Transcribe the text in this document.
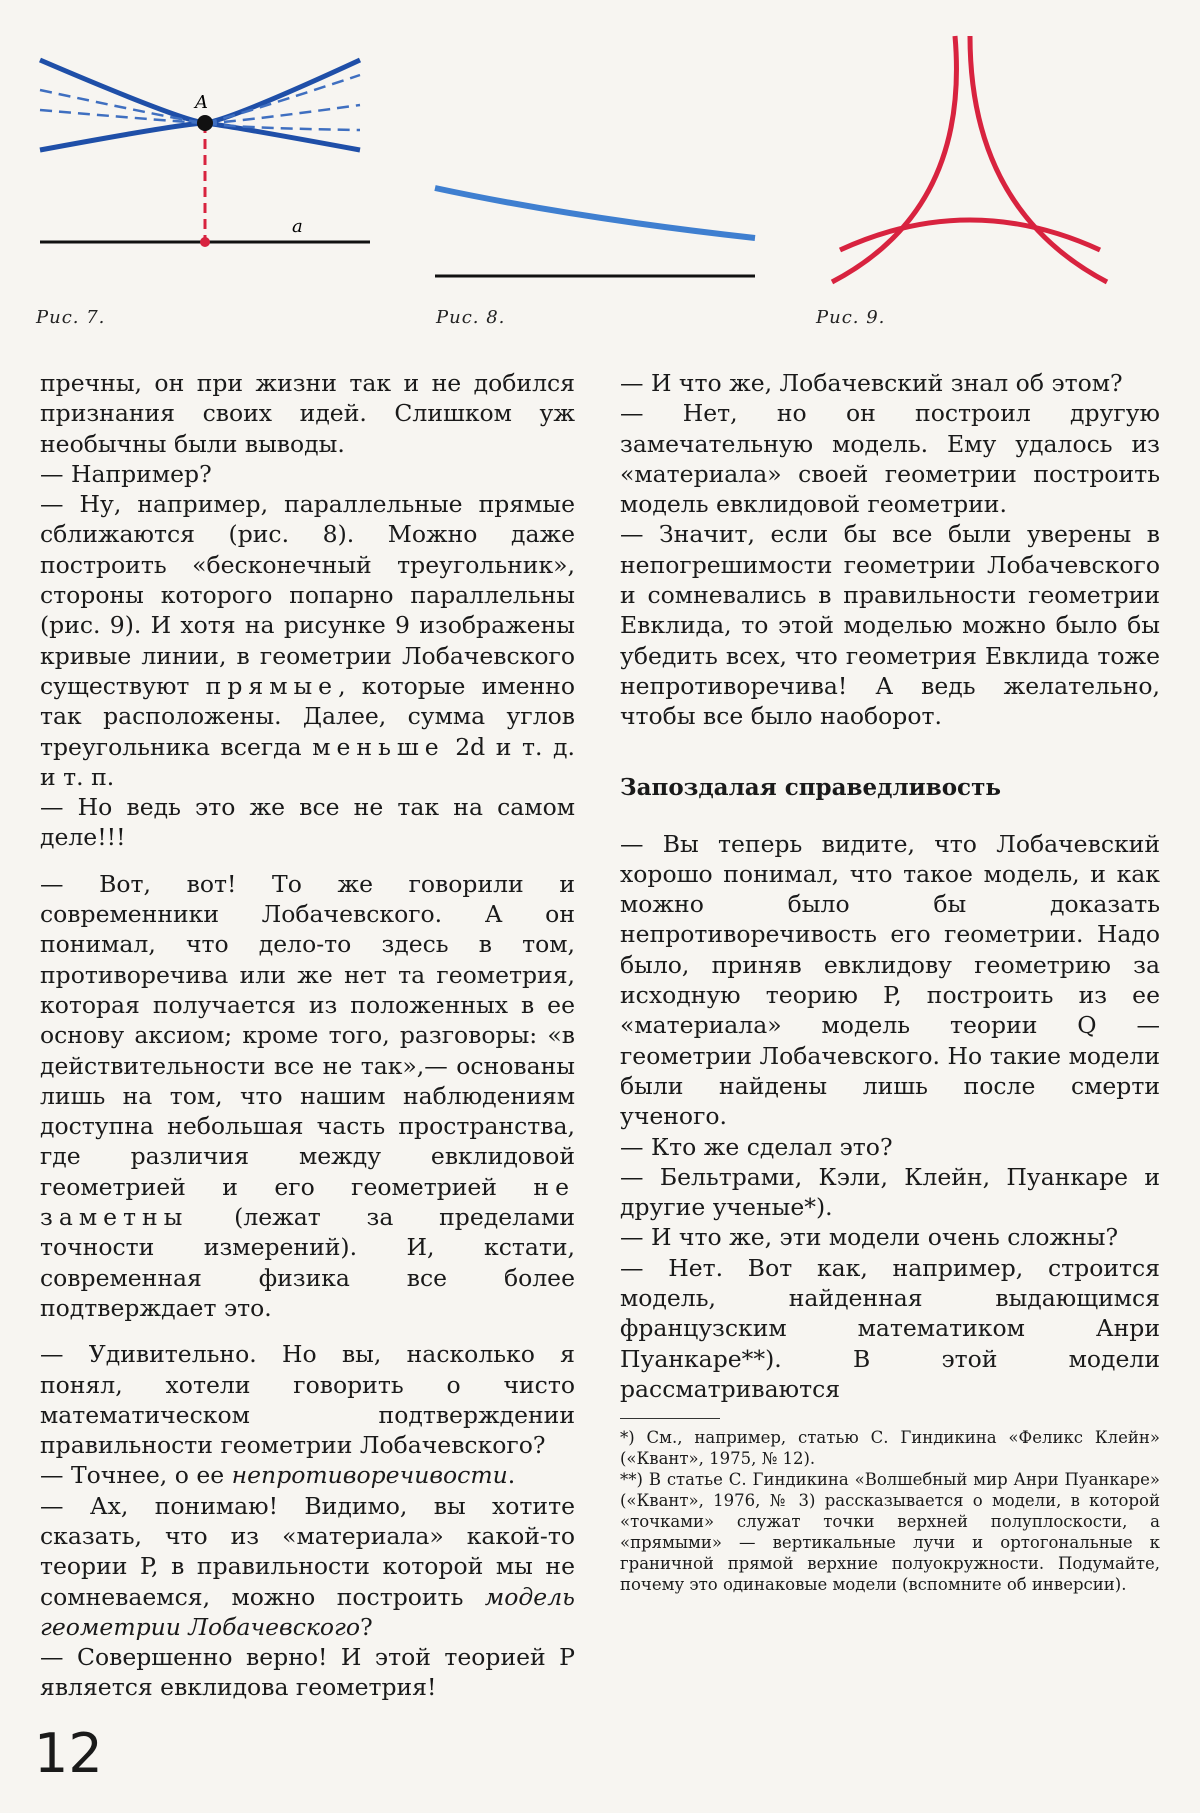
A
a
Рис. 7.	Рис. 8.	Рис. 9.

пречны, он при жизни так и не добился признания своих идей. Слишком уж необычны были выводы.

— Например?

— Ну, например, параллельные прямые сближаются (рис. 8). Можно даже построить «бесконечный треугольник», стороны которого попарно параллельны (рис. 9). И хотя на рисунке 9 изображены кривые линии, в геометрии Лобачевского существуют прямые, которые именно так расположены. Далее, сумма углов треугольника всегда меньше 2d и т. д. и т. п.

— Но ведь это же все не так на самом деле!!!

— Вот, вот! То же говорили и современники Лобачевского. А он понимал, что дело-то здесь в том, противоречива или же нет та геометрия, которая получается из положенных в ее основу аксиом; кроме того, разговоры: «в действительности все не так»,— основаны лишь на том, что нашим наблюдениям доступна небольшая часть пространства, где различия между евклидовой геометрией и его геометрией не заметны (лежат за пределами точности измерений). И, кстати, современная физика все более подтверждает это.

— Удивительно. Но вы, насколько я понял, хотели говорить о чисто математическом подтверждении правильности геометрии Лобачевского?

— Точнее, о ее непротиворечивости.

— Ах, понимаю! Видимо, вы хотите сказать, что из «материала» какой-то теории P, в правильности которой мы не сомневаемся, можно построить модель геометрии Лобачевского?

— Совершенно верно! И этой теорией P является евклидова геометрия!

— И что же, Лобачевский знал об этом?

— Нет, но он построил другую замечательную модель. Ему удалось из «материала» своей геометрии построить модель евклидовой геометрии.

— Значит, если бы все были уверены в непогрешимости геометрии Лобачевского и сомневались в правильности геометрии Евклида, то этой моделью можно было бы убедить всех, что геометрия Евклида тоже непротиворечива! А ведь желательно, чтобы все было наоборот.

Запоздалая справедливость

— Вы теперь видите, что Лобачевский хорошо понимал, что такое модель, и как можно было бы доказать непротиворечивость его геометрии. Надо было, приняв евклидову геометрию за исходную теорию P, построить из ее «материала» модель теории Q — геометрии Лобачевского. Но такие модели были найдены лишь после смерти ученого.

— Кто же сделал это?

— Бельтрами, Кэли, Клейн, Пуанкаре и другие ученые*).

— И что же, эти модели очень сложны?

— Нет. Вот как, например, строится модель, найденная выдающимся французским математиком Анри Пуанкаре**). В этой модели рассматриваются

*) См., например, статью С. Гиндикина «Феликс Клейн» («Квант», 1975, № 12).

**) В статье С. Гиндикина «Волшебный мир Анри Пуанкаре» («Квант», 1976, № 3) рассказывается о модели, в которой «точками» служат точки верхней полуплоскости, а «прямыми» — вертикальные лучи и ортогональные к граничной прямой верхние полуокружности. Подумайте, почему это одинаковые модели (вспомните об инверсии).

12
